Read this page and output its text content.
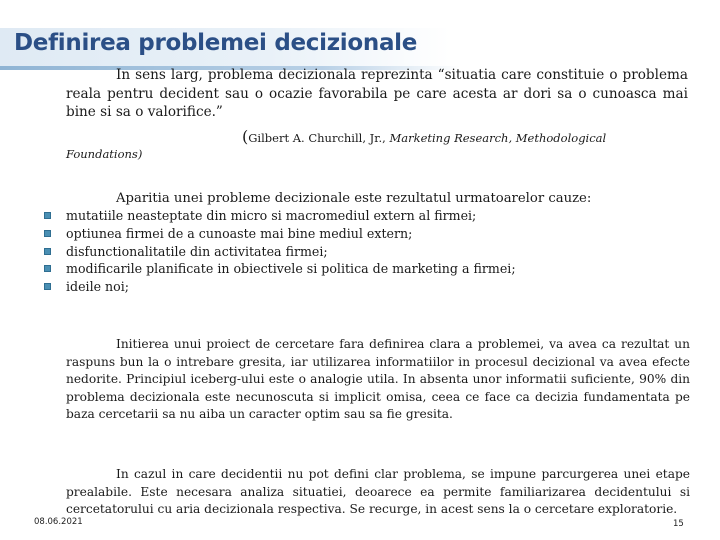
Definirea problemei decizionale
In sens larg, problema decizionala reprezinta “situatia care constituie o problema reala pentru decident sau o ocazie favorabila pe care acesta ar dori sa o cunoasca mai bine si sa o valorifice.”
(Gilbert A. Churchill, Jr., Marketing Research, Methodological
Foundations)
Aparitia unei probleme decizionale este rezultatul urmatoarelor cauze:
mutatiile neasteptate din micro si macromediul extern al firmei;
optiunea firmei de a cunoaste mai bine mediul extern;
disfunctionalitatile din activitatea firmei;
modificarile planificate in obiectivele si politica de marketing a firmei;
ideile noi;
Initierea unui proiect de cercetare fara definirea clara a problemei, va avea ca rezultat un raspuns bun la o intrebare gresita, iar utilizarea informatiilor in procesul decizional va avea efecte nedorite. Principiul iceberg-ului este o analogie utila. In absenta unor informatii suficiente, 90% din problema decizionala este necunoscuta si implicit omisa, ceea ce face ca decizia fundamentata pe baza cercetarii sa nu aiba un caracter optim sau sa fie gresita.
In cazul in care decidentii nu pot defini clar problema, se impune parcurgerea unei etape prealabile. Este necesara analiza situatiei, deoarece ea permite familiarizarea decidentului si cercetatorului cu aria decizionala respectiva. Se recurge, in acest sens la o cercetare exploratorie.
08.06.2021	15
